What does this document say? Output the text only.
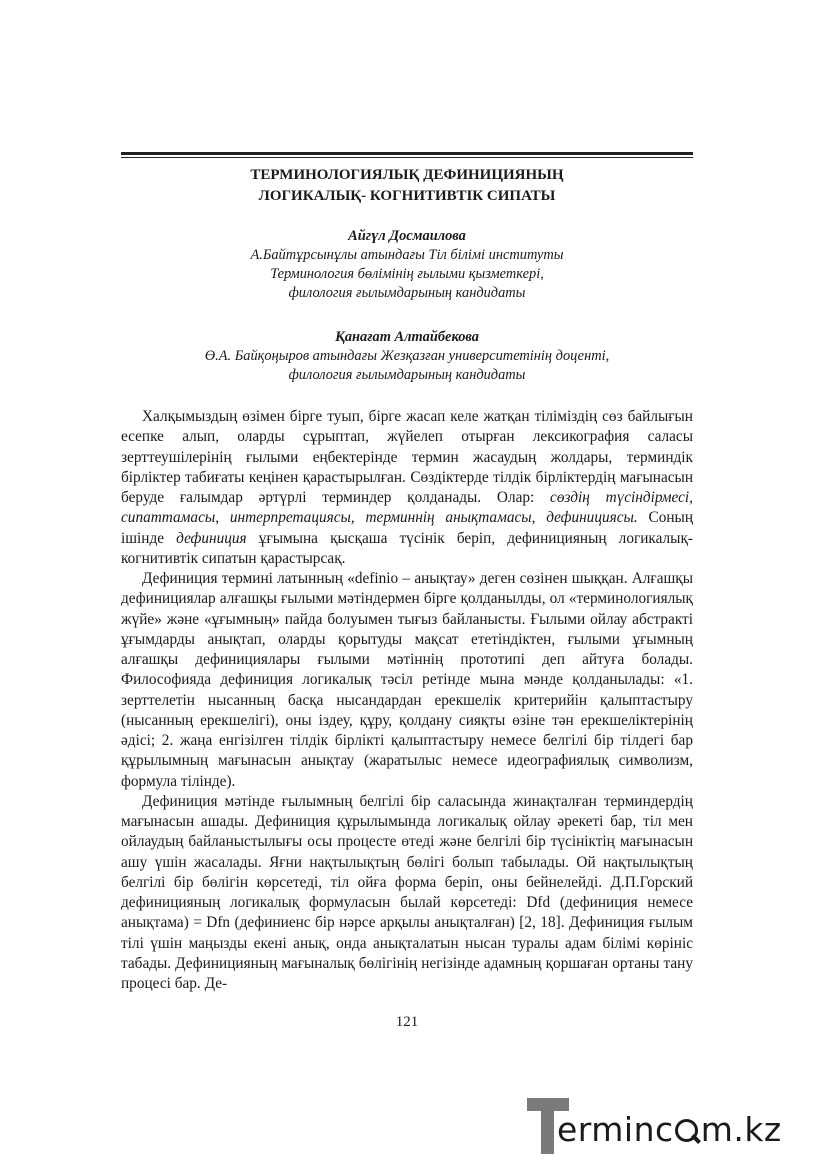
ТЕРМИНОЛОГИЯЛЫҚ ДЕФИНИЦИЯНЫҢ
ЛОГИКАЛЫҚ- КОГНИТИВТІК СИПАТЫ
Айгүл Досмаилова
А.Байтұрсынұлы атындағы Тіл білімі институты
Терминология бөлімінің ғылыми қызметкері,
филология ғылымдарының кандидаты
Қанағат Алтайбекова
Ө.А. Байқоңыров атындағы Жезқазған университетінің доценті,
филология ғылымдарының кандидаты

Халқымыздың өзімен бірге туып, бірге жасап келе жатқан тіліміздің сөз байлығын есепке алып, оларды сұрыптап, жүйелеп отырған лексикография саласы зерттеушілерінің ғылыми еңбектерінде термин жасаудың жолдары, терминдік бірліктер табиғаты кеңінен қарастырылған. Сөздіктерде тілдік бірліктердің мағынасын беруде ғалымдар әртүрлі терминдер қолданады. Олар: сөздің түсіндірмесі, сипаттамасы, интерпретациясы, терминнің анықтамасы, дефинициясы. Соның ішінде дефиниция ұғымына қысқаша түсінік беріп, дефиницияның логикалық-когнитивтік сипатын қарастырсақ.

Дефиниция термині латынның «definio – анықтау» деген сөзінен шыққан. Алғашқы дефинициялар алғашқы ғылыми мәтіндермен бірге қолданылды, ол «терминологиялық жүйе» және «ұғымның» пайда болуымен тығыз байланысты. Ғылыми ойлау абстракті ұғымдарды анықтап, оларды қорытуды мақсат ететіндіктен, ғылыми ұғымның алғашқы дефинициялары ғылыми мәтіннің прототипі деп айтуға болады. Философияда дефиниция логикалық тәсіл ретінде мына мәнде қолданылады: «1. зерттелетін нысанның басқа нысандардан ерекшелік критерийін қалыптастыру (нысанның ерекшелігі), оны іздеу, құру, қолдану сияқты өзіне тән ерекшеліктерінің әдісі; 2. жаңа енгізілген тілдік бірлікті қалыптастыру немесе белгілі бір тілдегі бар құрылымның мағынасын анықтау (жаратылыс немесе идеографиялық символизм, формула тілінде).

Дефиниция мәтінде ғылымның белгілі бір саласында жинақталған терминдердің мағынасын ашады. Дефиниция құрылымында логикалық ойлау әрекеті бар, тіл мен ойлаудың байланыстылығы осы процесте өтеді және белгілі бір түсініктің мағынасын ашу үшін жасалады. Яғни нақтылықтың бөлігі болып табылады. Ой нақтылықтың белгілі бір бөлігін көрсетеді, тіл ойға форма беріп, оны бейнелейді. Д.П.Горский дефиницияның логикалық формуласын былай көрсетеді: Dfd (дефиниция немесе анықтама) = Dfn (дефиниенс бір нәрсе арқылы анықталған) [2, 18]. Дефиниция ғылым тілі үшін маңызды екені анық, онда анықталатын нысан туралы адам білімі көрініс табады. Дефиницияның мағыналық бөлігінің негізінде адамның қоршаған ортаны тану процесі бар. Де-

121
erminc m.kz
